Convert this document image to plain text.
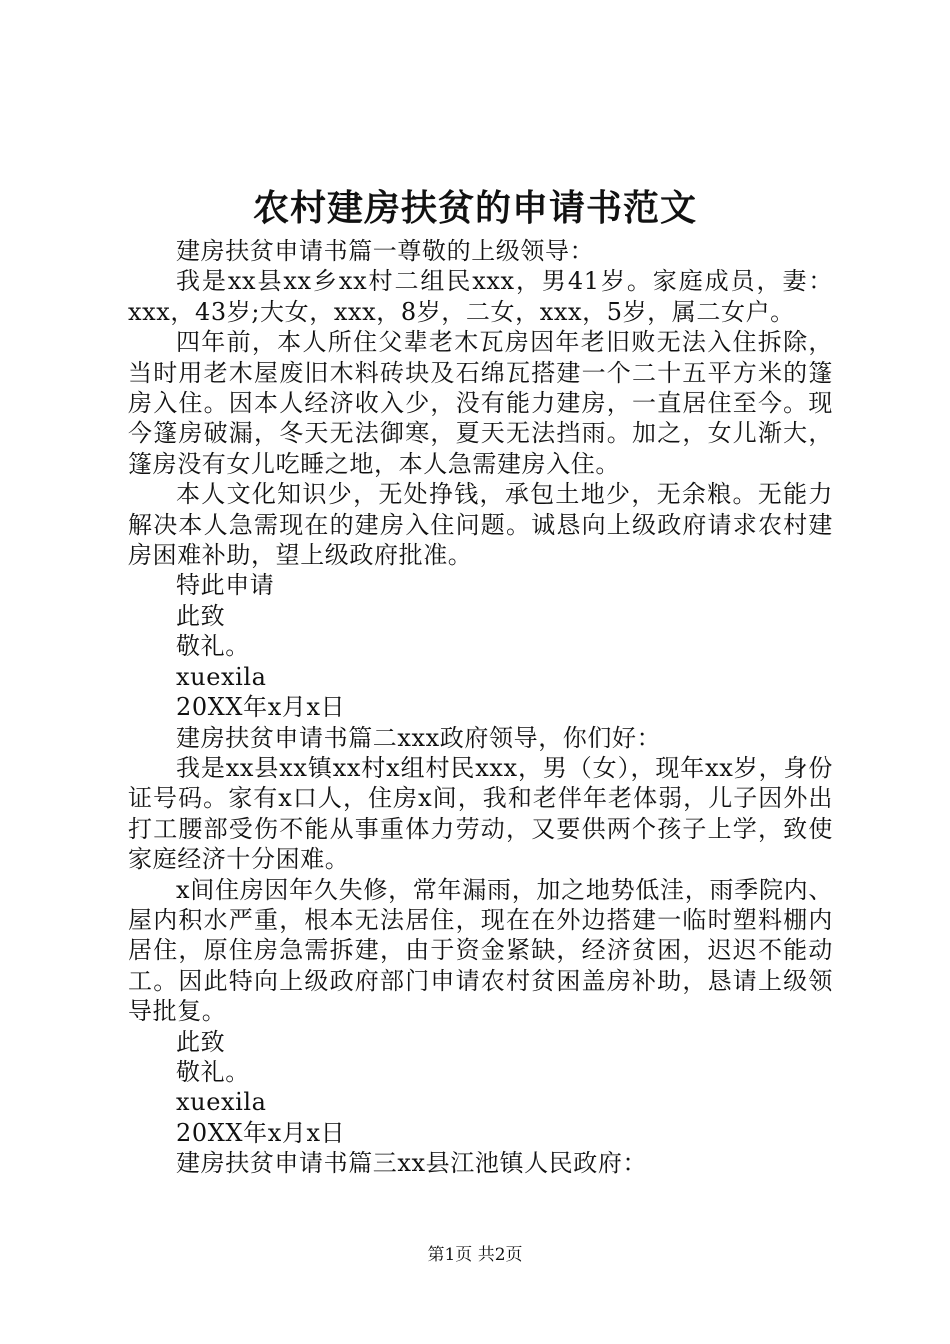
农村建房扶贫的申请书范文

建房扶贫申请书篇一尊敬的上级领导：

我是xx县xx乡xx村二组民xxx，男41岁。家庭成员，妻：xxx，43岁;大女，xxx，8岁，二女，xxx，5岁，属二女户。

四年前，本人所住父辈老木瓦房因年老旧败无法入住拆除，当时用老木屋废旧木料砖块及石绵瓦搭建一个二十五平方米的篷房入住。因本人经济收入少，没有能力建房，一直居住至今。现今篷房破漏，冬天无法御寒，夏天无法挡雨。加之，女儿渐大，篷房没有女儿吃睡之地，本人急需建房入住。

本人文化知识少，无处挣钱，承包土地少，无余粮。无能力解决本人急需现在的建房入住问题。诚恳向上级政府请求农村建房困难补助，望上级政府批准。

特此申请

此致

敬礼。

xuexila

20XX年x月x日

建房扶贫申请书篇二xxx政府领导，你们好：

我是xx县xx镇xx村x组村民xxx，男（女），现年xx岁，身份证号码。家有x口人，住房x间，我和老伴年老体弱，儿子因外出打工腰部受伤不能从事重体力劳动，又要供两个孩子上学，致使家庭经济十分困难。

x间住房因年久失修，常年漏雨，加之地势低洼，雨季院内、屋内积水严重，根本无法居住，现在在外边搭建一临时塑料棚内居住，原住房急需拆建，由于资金紧缺，经济贫困，迟迟不能动工。因此特向上级政府部门申请农村贫困盖房补助，恳请上级领导批复。

此致

敬礼。

xuexila

20XX年x月x日

建房扶贫申请书篇三xx县江池镇人民政府：

第1页 共2页
